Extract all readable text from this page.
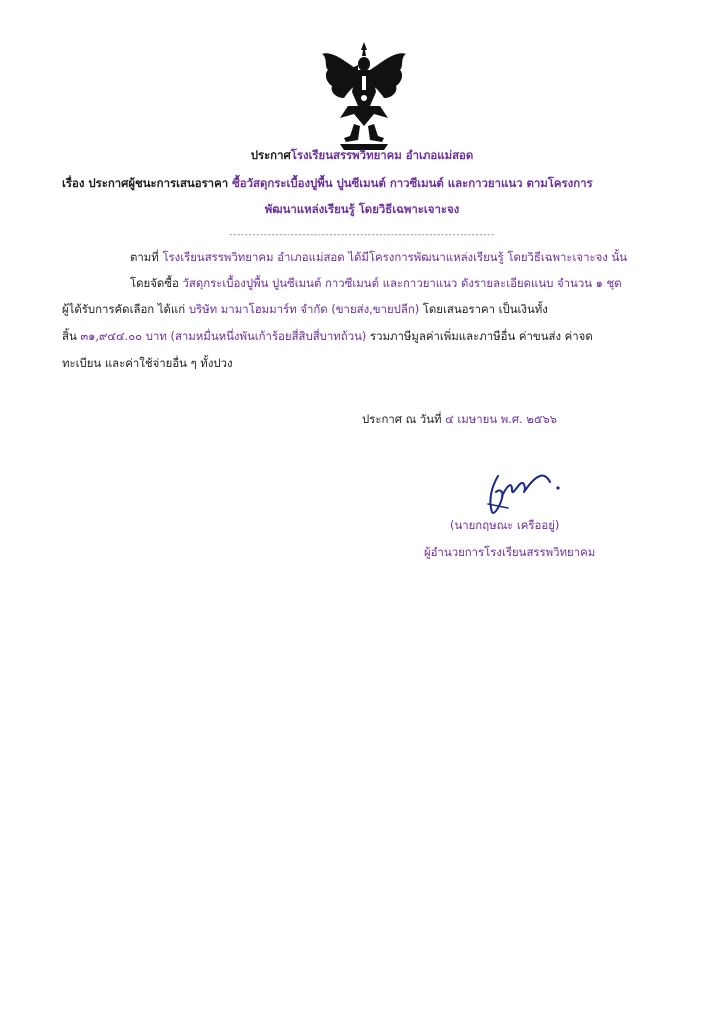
ประกาศโรงเรียนสรรพวิทยาคม อำเภอแม่สอด
เรื่อง ประกาศผู้ชนะการเสนอราคา ซื้อวัสดุกระเบื้องปูพื้น ปูนซีเมนต์ กาวซีเมนต์ และกาวยาแนว ตามโครงการ
พัฒนาแหล่งเรียนรู้ โดยวิธีเฉพาะเจาะจง
---------------------------------------------------------------------
ตามที่ โรงเรียนสรรพวิทยาคม อำเภอแม่สอด ได้มีโครงการพัฒนาแหล่งเรียนรู้ โดยวิธีเฉพาะเจาะจง นั้น
โดยจัดซื้อ วัสดุกระเบื้องปูพื้น ปูนซีเมนต์ กาวซีเมนต์ และกาวยาแนว ดังรายละเอียดแนบ จำนวน ๑ ชุด
ผู้ได้รับการคัดเลือก ได้แก่ บริษัท มามาโฮมมาร์ท จำกัด (ขายส่ง,ขายปลีก) โดยเสนอราคา เป็นเงินทั้ง
สิ้น ๓๑,๙๔๔.๐๐ บาท (สามหมื่นหนึ่งพันเก้าร้อยสี่สิบสี่บาทถ้วน) รวมภาษีมูลค่าเพิ่มและภาษีอื่น ค่าขนส่ง ค่าจด
ทะเบียน และค่าใช้จ่ายอื่น ๆ ทั้งปวง
ประกาศ ณ วันที่ ๔ เมษายน พ.ศ. ๒๕๖๖
(นายกฤษณะ เครืออยู่)
ผู้อำนวยการโรงเรียนสรรพวิทยาคม
